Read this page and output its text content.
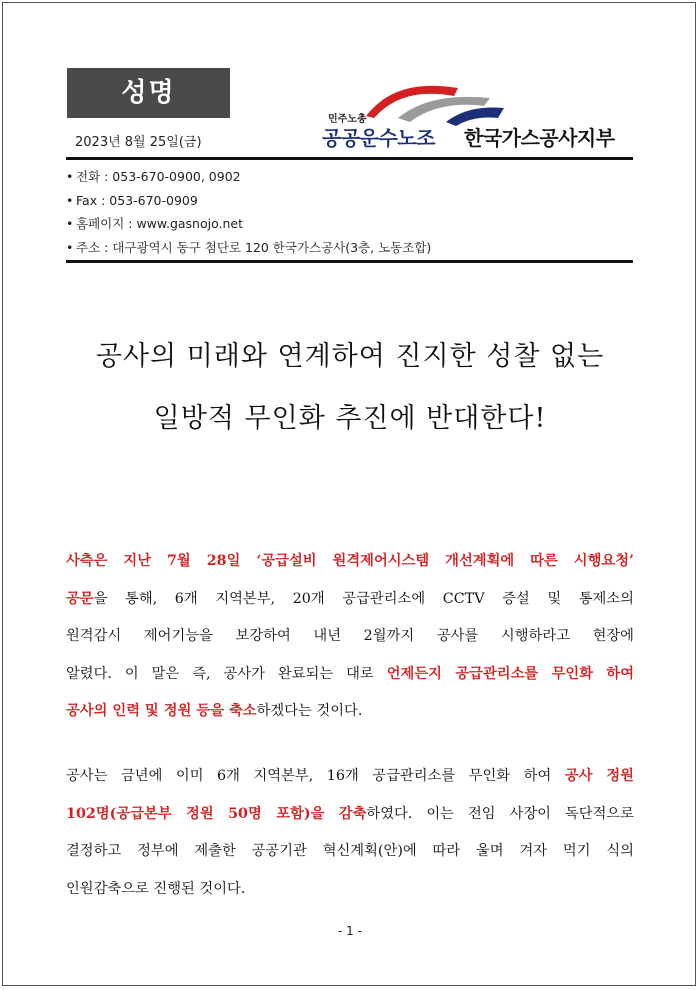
성명
2023년 8월 25일(금)
민주노총
공공운수노조 한국가스공사지부
• 전화 : 053-670-0900, 0902
• Fax : 053-670-0909
• 홈페이지 : www.gasnojo.net
• 주소 : 대구광역시 동구 첨단로 120 한국가스공사(3층, 노동조합)
공사의 미래와 연계하여 진지한 성찰 없는
일방적 무인화 추진에 반대한다!
사측은 지난 7월 28일 ‘공급설비 원격제어시스템 개선계획에 따른 시행요청’
공문을 통해, 6개 지역본부, 20개 공급관리소에 CCTV 증설 및 통제소의
원격감시 제어기능을 보강하여 내년 2월까지 공사를 시행하라고 현장에
알렸다. 이 말은 즉, 공사가 완료되는 대로 언제든지 공급관리소를 무인화 하여
공사의 인력 및 정원 등을 축소하겠다는 것이다.
공사는 금년에 이미 6개 지역본부, 16개 공급관리소를 무인화 하여 공사 정원
102명(공급본부 정원 50명 포함)을 감축하였다. 이는 전임 사장이 독단적으로
결정하고 정부에 제출한 공공기관 혁신계획(안)에 따라 울며 겨자 먹기 식의
인원감축으로 진행된 것이다.
- 1 -
